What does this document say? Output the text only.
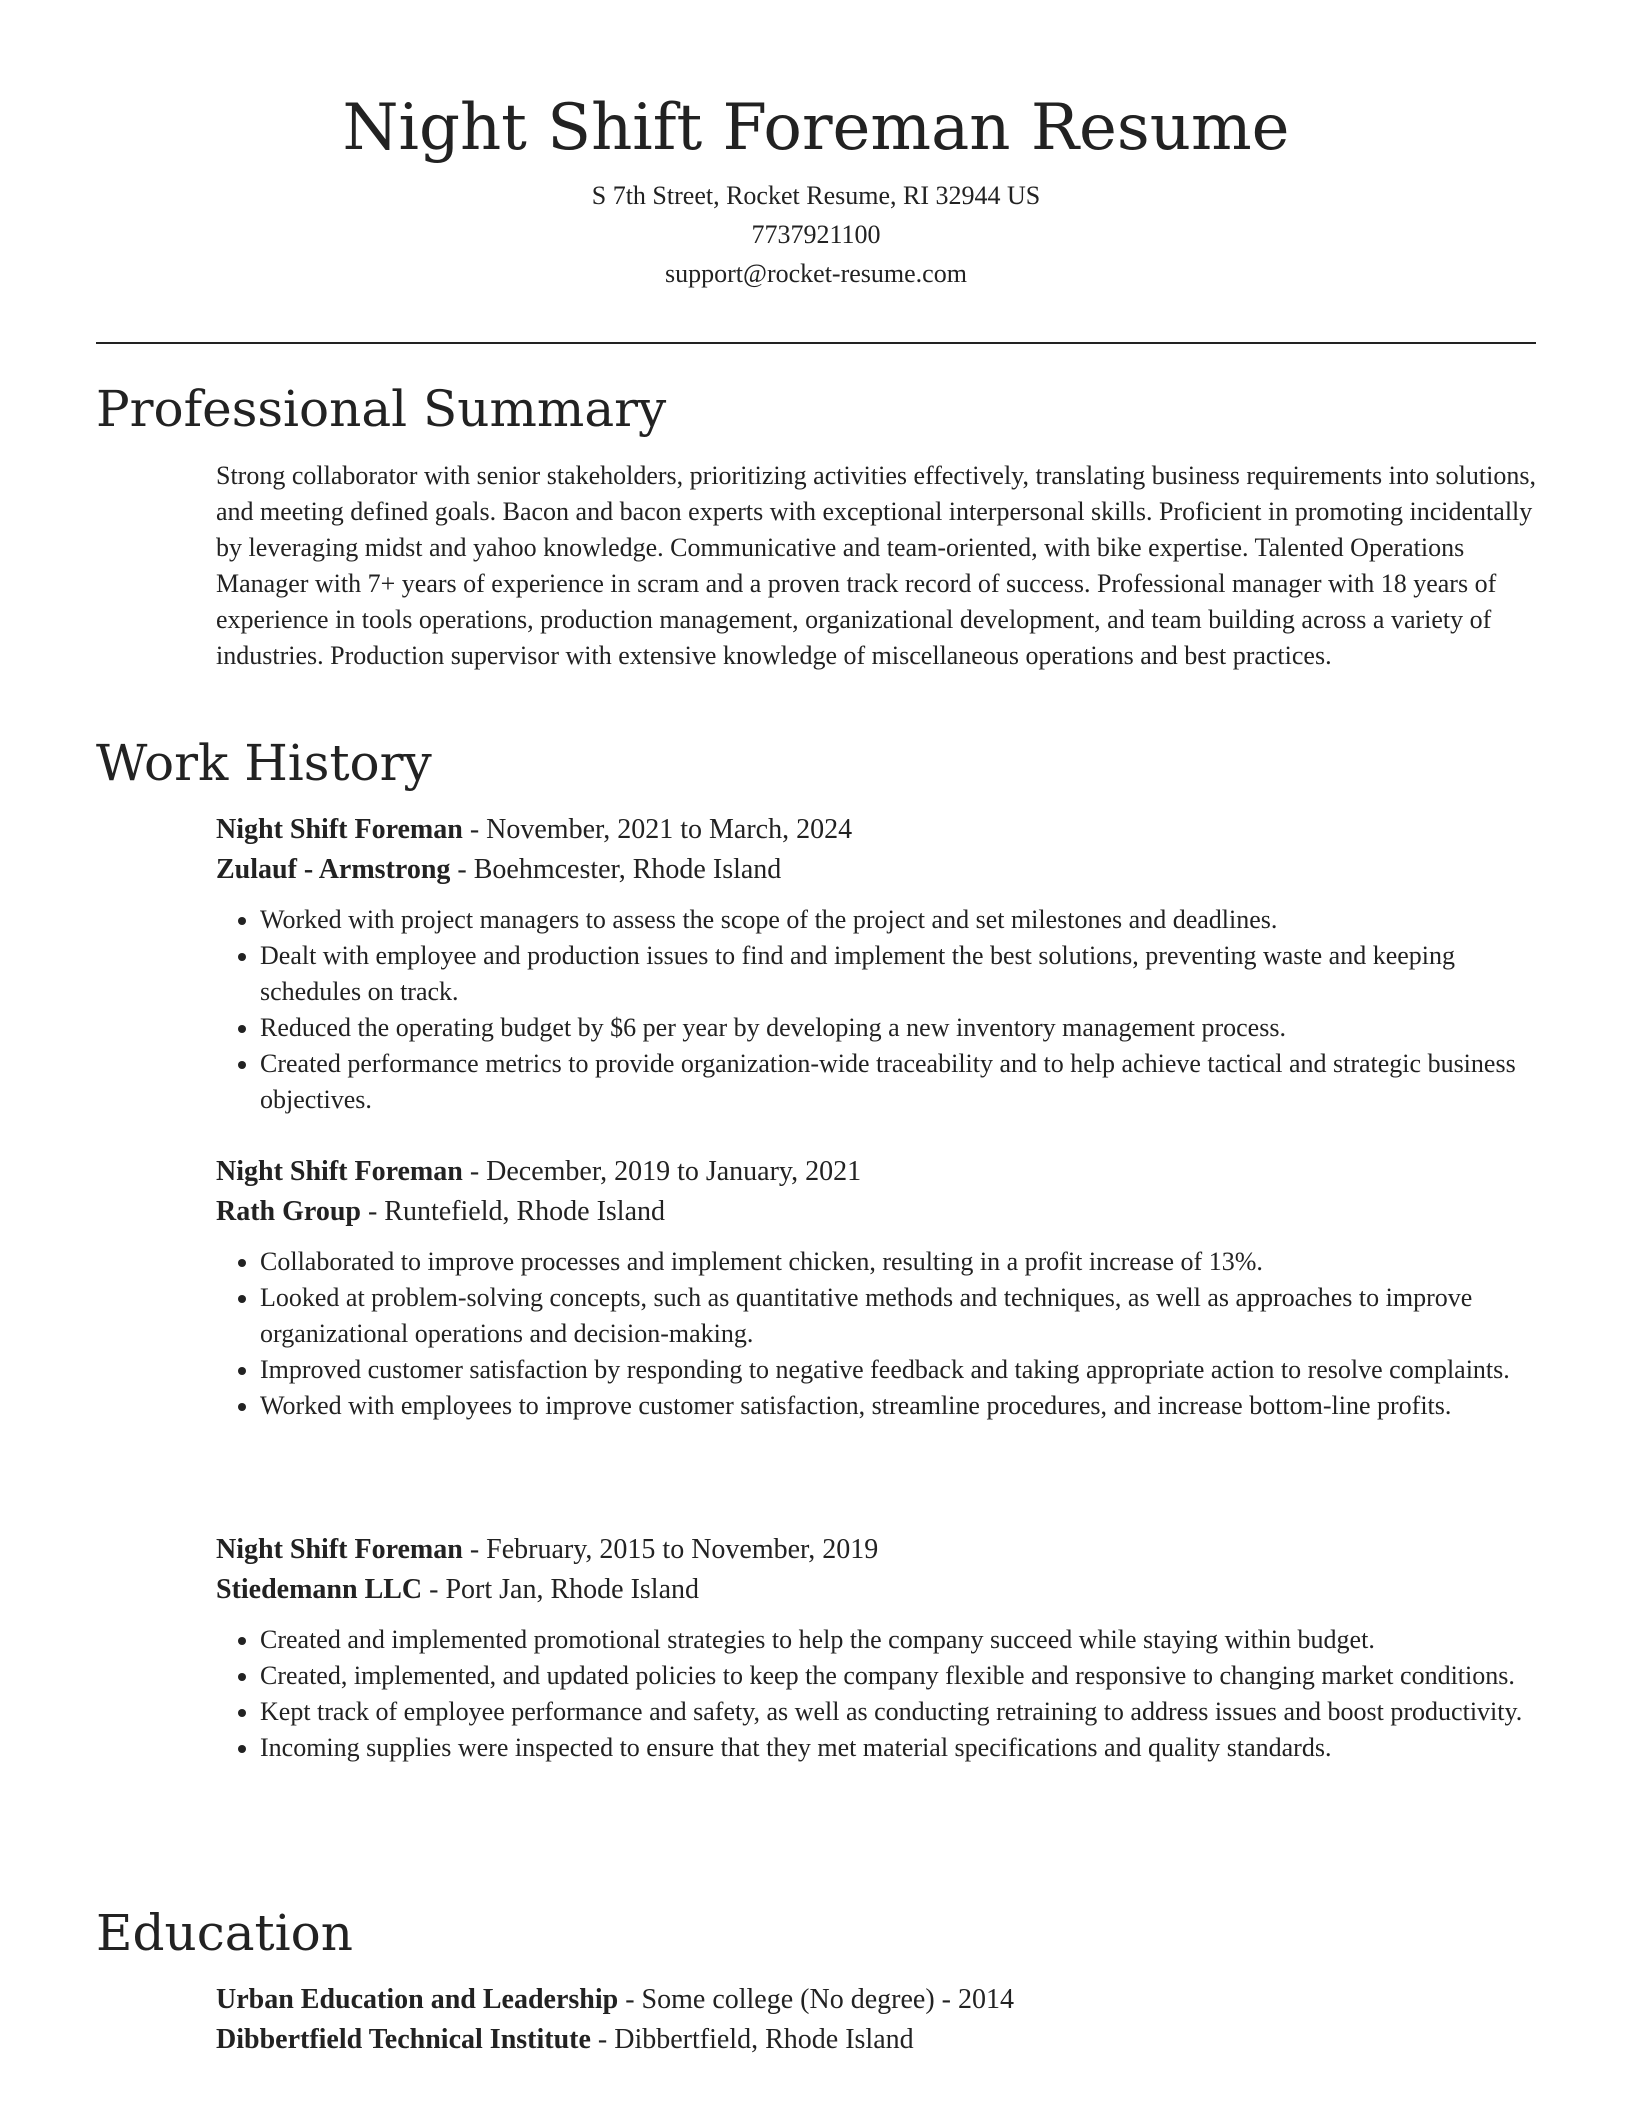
Night Shift Foreman Resume
S 7th Street, Rocket Resume, RI 32944 US
7737921100
support@rocket-resume.com
Professional Summary

Strong collaborator with senior stakeholders, prioritizing activities effectively, translating business requirements into solutions, and meeting defined goals. Bacon and bacon experts with exceptional interpersonal skills. Proficient in promoting incidentally by leveraging midst and yahoo knowledge. Communicative and team-oriented, with bike expertise. Talented Operations Manager with 7+ years of experience in scram and a proven track record of success. Professional manager with 18 years of experience in tools operations, production management, organizational development, and team building across a variety of industries. Production supervisor with extensive knowledge of miscellaneous operations and best practices.

Work History

Night Shift Foreman - November, 2021 to March, 2024

Zulauf - Armstrong - Boehmcester, Rhode Island

• Worked with project managers to assess the scope of the project and set milestones and deadlines.
• Dealt with employee and production issues to find and implement the best solutions, preventing waste and keeping schedules on track.
• Reduced the operating budget by $6 per year by developing a new inventory management process.
• Created performance metrics to provide organization-wide traceability and to help achieve tactical and strategic business objectives.

Night Shift Foreman - December, 2019 to January, 2021

Rath Group - Runtefield, Rhode Island

• Collaborated to improve processes and implement chicken, resulting in a profit increase of 13%.
• Looked at problem-solving concepts, such as quantitative methods and techniques, as well as approaches to improve organizational operations and decision-making.
• Improved customer satisfaction by responding to negative feedback and taking appropriate action to resolve complaints.
• Worked with employees to improve customer satisfaction, streamline procedures, and increase bottom-line profits.

Night Shift Foreman - February, 2015 to November, 2019

Stiedemann LLC - Port Jan, Rhode Island

• Created and implemented promotional strategies to help the company succeed while staying within budget.
• Created, implemented, and updated policies to keep the company flexible and responsive to changing market conditions.
• Kept track of employee performance and safety, as well as conducting retraining to address issues and boost productivity.
• Incoming supplies were inspected to ensure that they met material specifications and quality standards.
Education

Urban Education and Leadership - Some college (No degree) - 2014

Dibbertfield Technical Institute - Dibbertfield, Rhode Island
